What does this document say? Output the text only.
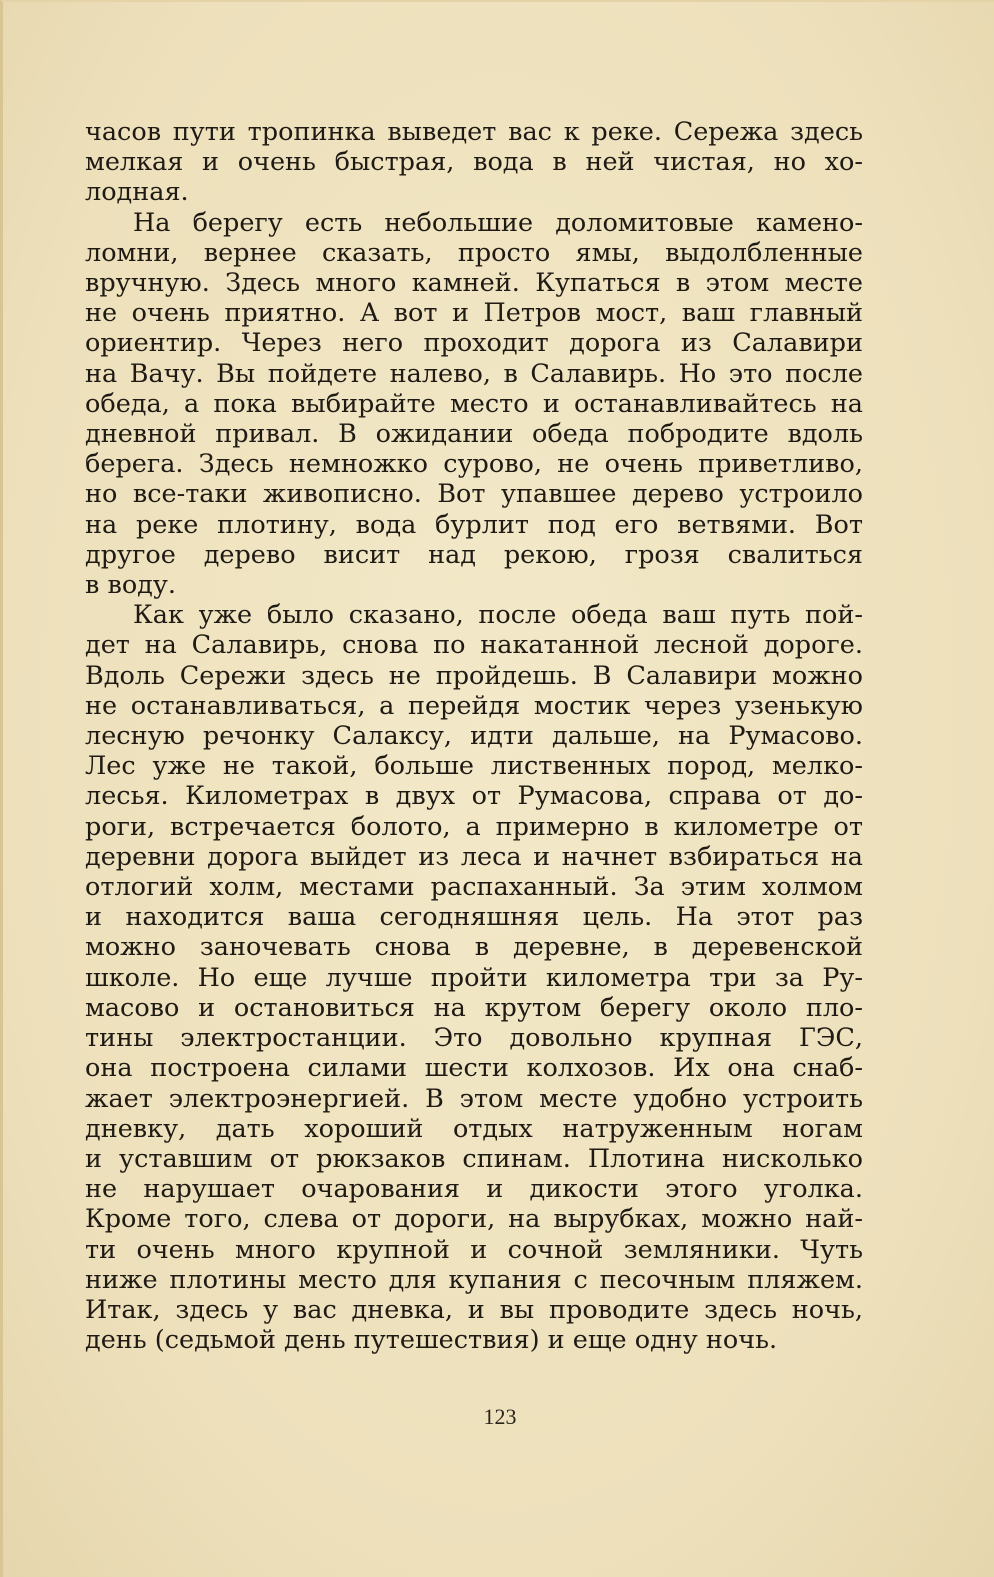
часов пути тропинка выведет вас к реке. Сережа здесь
мелкая и очень быстрая, вода в ней чистая, но хо-
лодная.

На берегу есть небольшие доломитовые камено-
ломни, вернее сказать, просто ямы, выдолбленные
вручную. Здесь много камней. Купаться в этом месте
не очень приятно. А вот и Петров мост, ваш главный
ориентир. Через него проходит дорога из Салавири
на Вачу. Вы пойдете налево, в Салавирь. Но это после
обеда, а пока выбирайте место и останавливайтесь на
дневной привал. В ожидании обеда побродите вдоль
берега. Здесь немножко сурово, не очень приветливо,
но все-таки живописно. Вот упавшее дерево устроило
на реке плотину, вода бурлит под его ветвями. Вот
другое дерево висит над рекою, грозя свалиться
в воду.

Как уже было сказано, после обеда ваш путь пой-
дет на Салавирь, снова по накатанной лесной дороге.
Вдоль Сережи здесь не пройдешь. В Салавири можно
не останавливаться, а перейдя мостик через узенькую
лесную речонку Салаксу, идти дальше, на Румасово.
Лес уже не такой, больше лиственных пород, мелко-
лесья. Километрах в двух от Румасова, справа от до-
роги, встречается болото, а примерно в километре от
деревни дорога выйдет из леса и начнет взбираться на
отлогий холм, местами распаханный. За этим холмом
и находится ваша сегодняшняя цель. На этот раз
можно заночевать снова в деревне, в деревенской
школе. Но еще лучше пройти километра три за Ру-
масово и остановиться на крутом берегу около пло-
тины электростанции. Это довольно крупная ГЭС,
она построена силами шести колхозов. Их она снаб-
жает электроэнергией. В этом месте удобно устроить
дневку, дать хороший отдых натруженным ногам
и уставшим от рюкзаков спинам. Плотина нисколько
не нарушает очарования и дикости этого уголка.
Кроме того, слева от дороги, на вырубках, можно най-
ти очень много крупной и сочной земляники. Чуть
ниже плотины место для купания с песочным пляжем.
Итак, здесь у вас дневка, и вы проводите здесь ночь,
день (седьмой день путешествия) и еще одну ночь.

123
